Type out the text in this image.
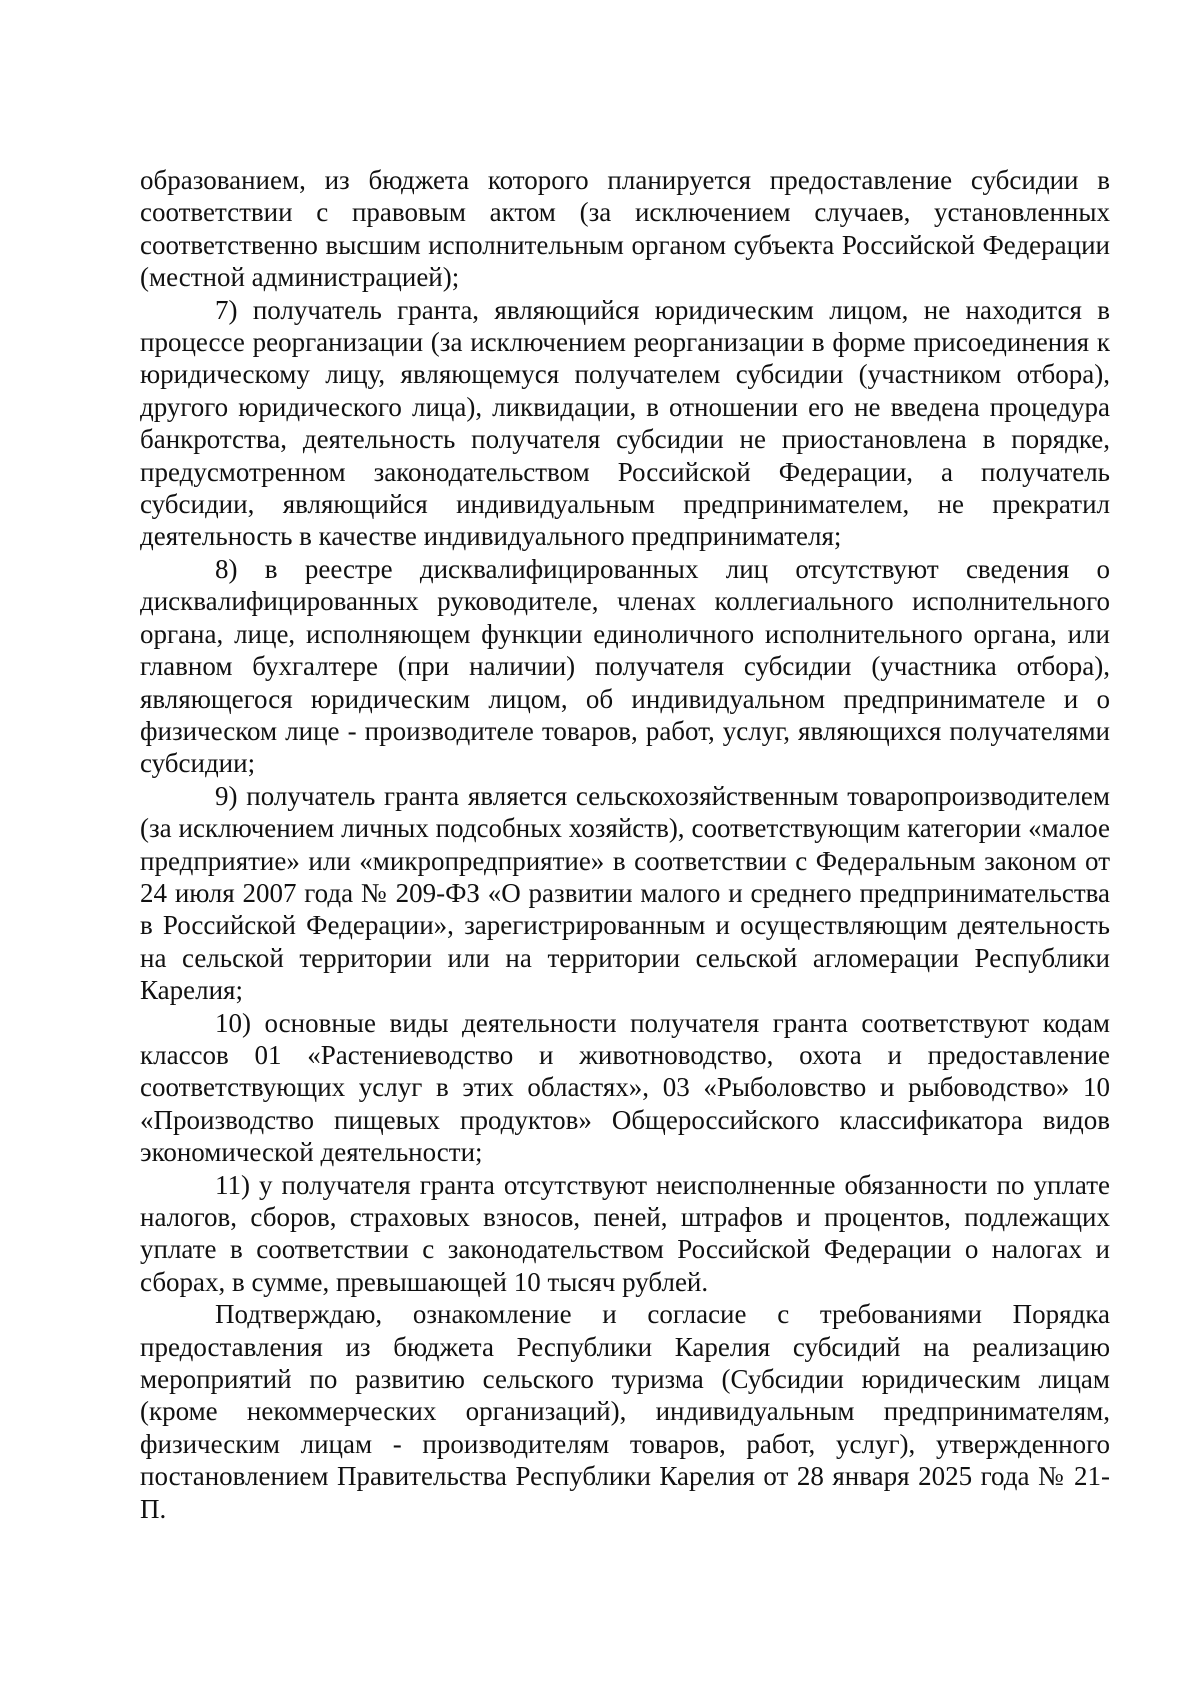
образованием, из бюджета которого планируется предоставление субсидии в соответствии с правовым актом (за исключением случаев, установленных соответственно высшим исполнительным органом субъекта Российской Федерации (местной администрацией);

7) получатель гранта, являющийся юридическим лицом, не находится в процессе реорганизации (за исключением реорганизации в форме присоединения к юридическому лицу, являющемуся получателем субсидии (участником отбора), другого юридического лица), ликвидации, в отношении его не введена процедура банкротства, деятельность получателя субсидии не приостановлена в порядке, предусмотренном законодательством Российской Федерации, а получатель субсидии, являющийся индивидуальным предпринимателем, не прекратил деятельность в качестве индивидуального предпринимателя;

8) в реестре дисквалифицированных лиц отсутствуют сведения о дисквалифицированных руководителе, членах коллегиального исполнительного органа, лице, исполняющем функции единоличного исполнительного органа, или главном бухгалтере (при наличии) получателя субсидии (участника отбора), являющегося юридическим лицом, об индивидуальном предпринимателе и о физическом лице - производителе товаров, работ, услуг, являющихся получателями субсидии;

9) получатель гранта является сельскохозяйственным товаропроизводителем (за исключением личных подсобных хозяйств), соответствующим категории «малое предприятие» или «микропредприятие» в соответствии с Федеральным законом от 24 июля 2007 года № 209-ФЗ «О развитии малого и среднего предпринимательства в Российской Федерации», зарегистрированным и осуществляющим деятельность на сельской территории или на территории сельской агломерации Республики Карелия;

10) основные виды деятельности получателя гранта соответствуют кодам классов 01 «Растениеводство и животноводство, охота и предоставление соответствующих услуг в этих областях», 03 «Рыболовство и рыбоводство» 10 «Производство пищевых продуктов» Общероссийского классификатора видов экономической деятельности;

11) у получателя гранта отсутствуют неисполненные обязанности по уплате налогов, сборов, страховых взносов, пеней, штрафов и процентов, подлежащих уплате в соответствии с законодательством Российской Федерации о налогах и сборах, в сумме, превышающей 10 тысяч рублей.

Подтверждаю, ознакомление и согласие с требованиями Порядка предоставления из бюджета Республики Карелия субсидий на реализацию мероприятий по развитию сельского туризма (Субсидии юридическим лицам (кроме некоммерческих организаций), индивидуальным предпринимателям, физическим лицам - производителям товаров, работ, услуг), утвержденного постановлением Правительства Республики Карелия от 28 января 2025 года № 21-П.
